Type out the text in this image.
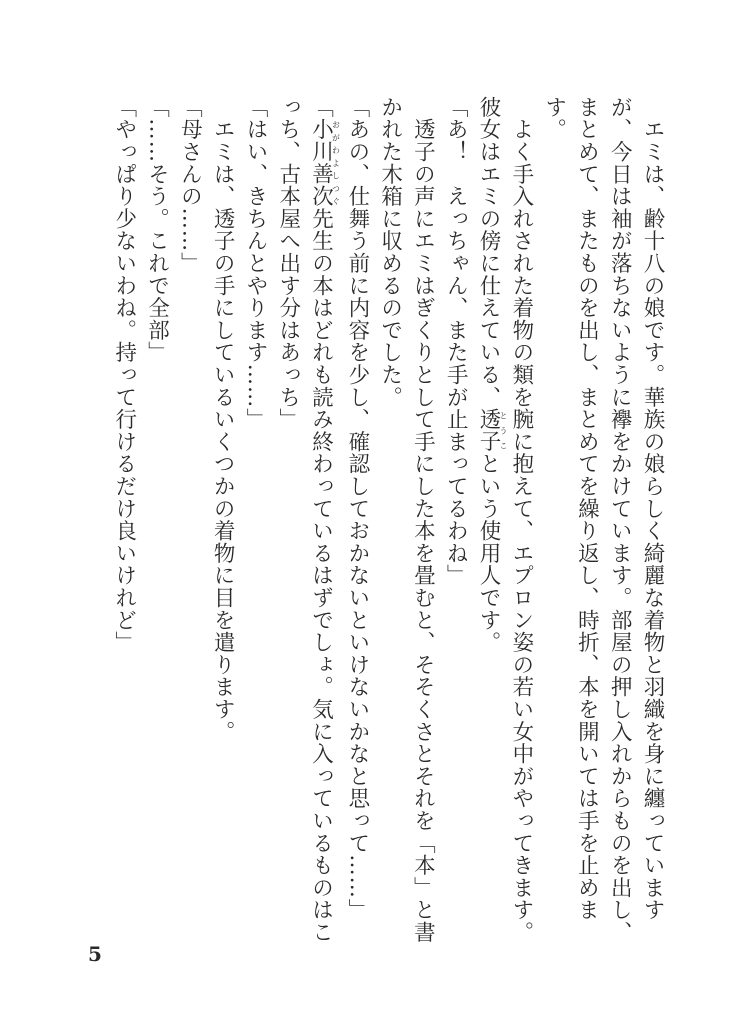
　エミは、齢十八の娘です。華族の娘らしく綺麗な着物と羽織を身に纏っていますが、今日は袖が落ちないように襷をかけています。部屋の押し入れからものを出し、まとめて、またものを出し、まとめてを繰り返し、時折、本を開いては手を止めます。

　よく手入れされた着物の類を腕に抱えて、エプロン姿の若い女中がやってきます。彼女はエミの傍に仕えている、透子とうこという使用人です。

「あ！　えっちゃん、また手が止まってるわね」

　透子の声にエミはぎくりとして手にした本を畳むと、そそくさとそれを「本」と書かれた木箱に収めるのでした。

「あの、仕舞う前に内容を少し、確認しておかないといけないかなと思って……」

「小川善次おがわよしつぐ先生の本はどれも読み終わっているはずでしょ。気に入っているものはこっち、古本屋へ出す分はあっち」

「はい、きちんとやります……」

　エミは、透子の手にしているいくつかの着物に目を遣ります。

「母さんの……」

「……そう。これで全部」

「やっぱり少ないわね。持って行けるだけ良いけれど」

5
